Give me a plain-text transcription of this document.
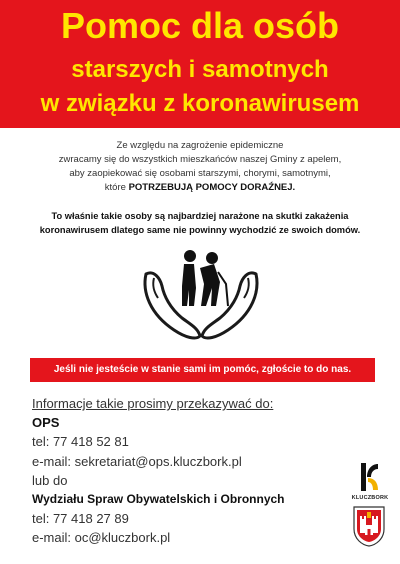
Pomoc dla osób
starszych i samotnych
w związku z koronawirusem
Ze względu na zagrożenie epidemiczne
zwracamy się do wszystkich mieszkańców naszej Gminy z apelem,
aby zaopiekować się osobami starszymi, chorymi, samotnymi,
które POTRZEBUJĄ POMOCY DORAŹNEJ.
To właśnie takie osoby są najbardziej narażone na skutki zakażenia
koronawirusem dlatego same nie powinny wychodzić ze swoich domów.
Jeśli nie jesteście w stanie sami im pomóc, zgłoście to do nas.
Informacje takie prosimy przekazywać do:
OPS
tel: 77 418 52 81
e-mail: sekretariat@ops.kluczbork.pl
lub do
Wydziału Spraw Obywatelskich i Obronnych
tel: 77 418 27 89
e-mail: oc@kluczbork.pl
KLUCZBORK
